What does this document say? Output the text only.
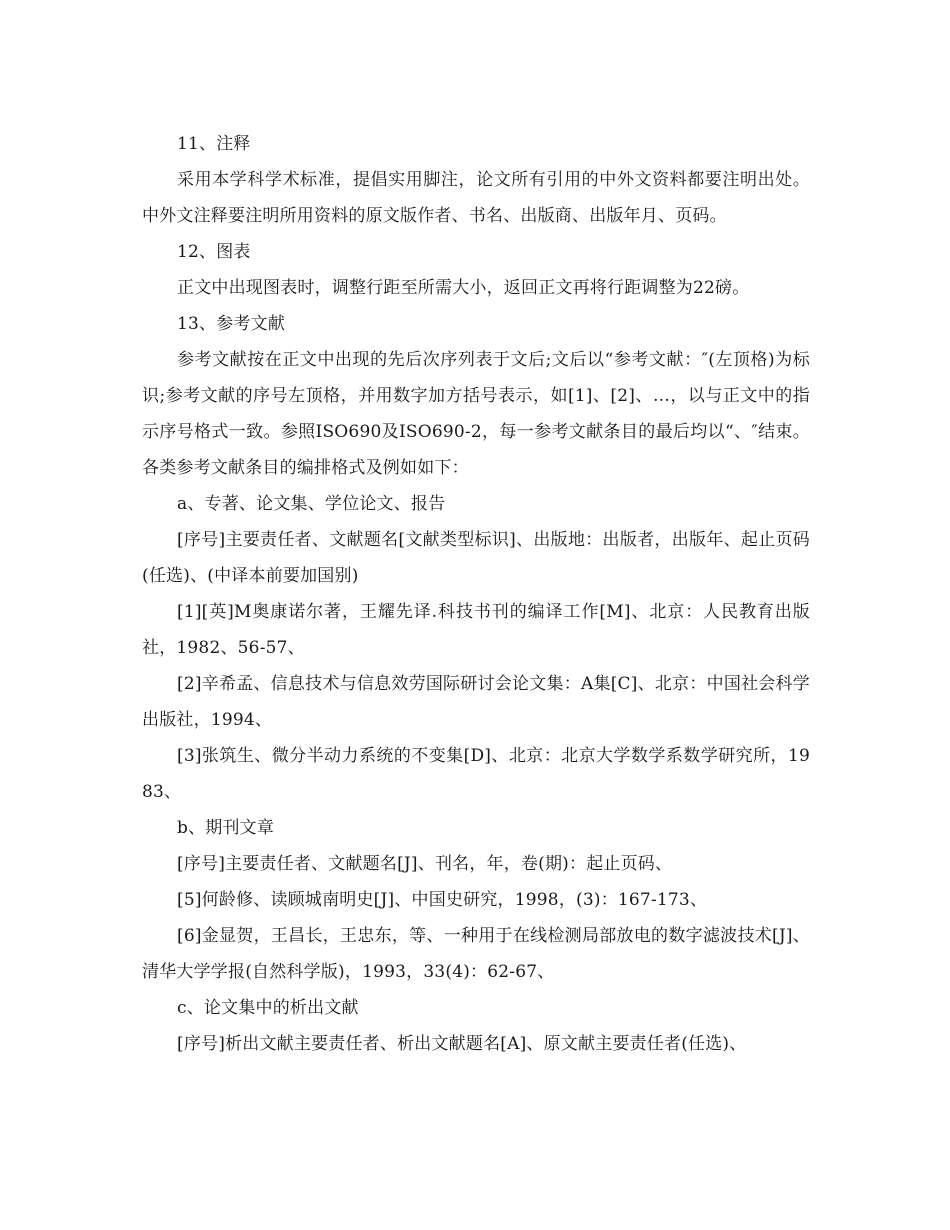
11、注释

采用本学科学术标准，提倡实用脚注，论文所有引用的中外文资料都要注明出处。中外文注释要注明所用资料的原文版作者、书名、出版商、出版年月、页码。

12、图表

正文中出现图表时，调整行距至所需大小，返回正文再将行距调整为22磅。

13、参考文献

参考文献按在正文中出现的先后次序列表于文后;文后以“参考文献：″(左顶格)为标识;参考文献的序号左顶格，并用数字加方括号表示，如[1]、[2]、…，以与正文中的指示序号格式一致。参照ISO690及ISO690-2，每一参考文献条目的最后均以“、″结束。各类参考文献条目的编排格式及例如如下：

a、专著、论文集、学位论文、报告

[序号]主要责任者、文献题名[文献类型标识]、出版地：出版者，出版年、起止页码(任选)、(中译本前要加国别)

[1][英]M奥康诺尔著，王耀先译.科技书刊的编译工作[M]、北京：人民教育出版社，1982、56-57、

[2]辛希孟、信息技术与信息效劳国际研讨会论文集：A集[C]、北京：中国社会科学出版社，1994、

[3]张筑生、微分半动力系统的不变集[D]、北京：北京大学数学系数学研究所，1983、

b、期刊文章

[序号]主要责任者、文献题名[J]、刊名，年，卷(期)：起止页码、

[5]何龄修、读顾城南明史[J]、中国史研究，1998，(3)：167-173、

[6]金显贺，王昌长，王忠东，等、一种用于在线检测局部放电的数字滤波技术[J]、清华大学学报(自然科学版)，1993，33(4)：62-67、

c、论文集中的析出文献

[序号]析出文献主要责任者、析出文献题名[A]、原文献主要责任者(任选)、
